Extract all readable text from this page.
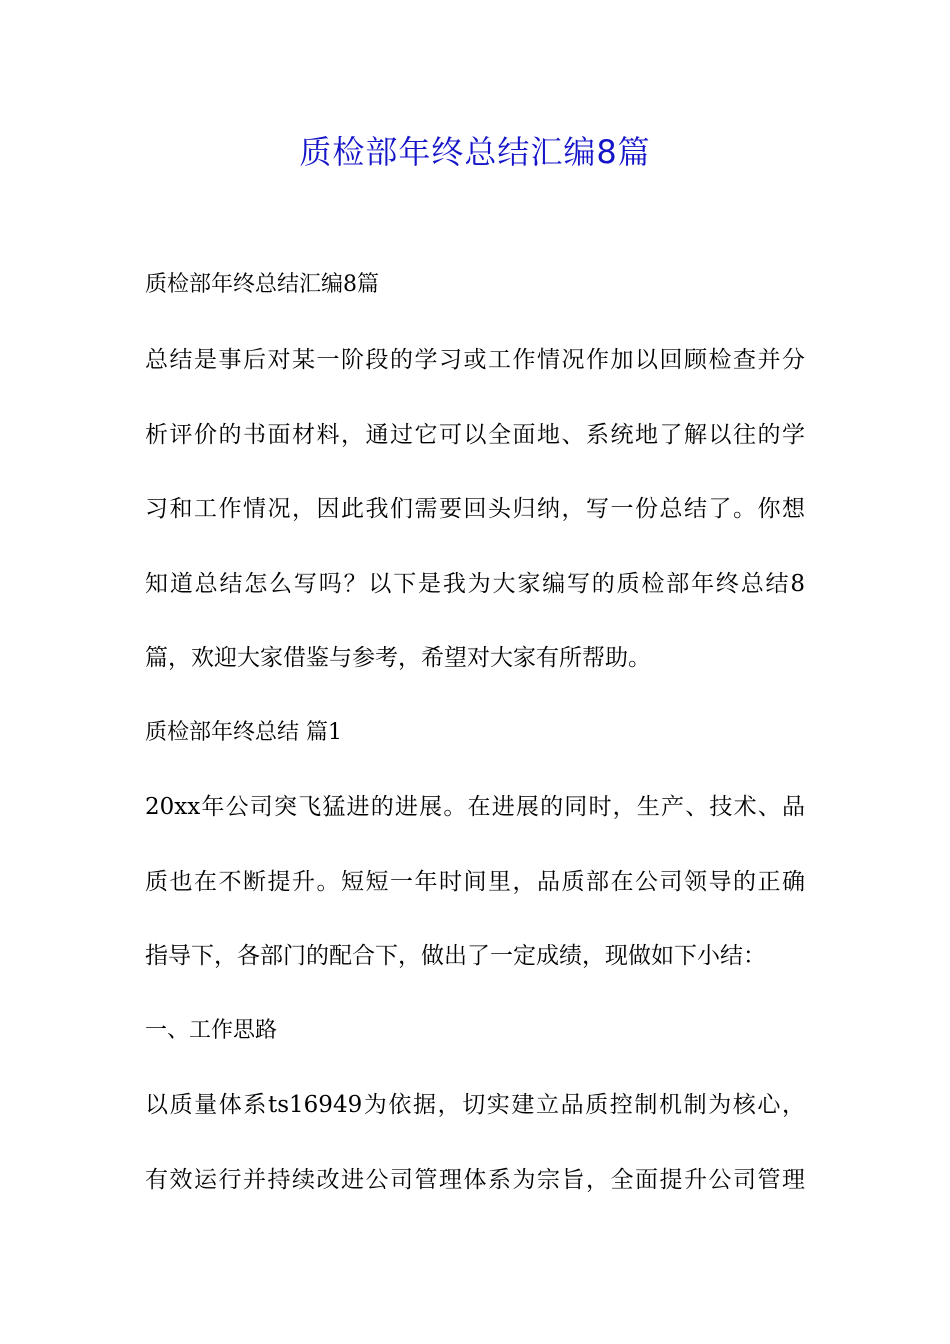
质检部年终总结汇编8篇

质检部年终总结汇编8篇

总结是事后对某一阶段的学习或工作情况作加以回顾检查并分

析评价的书面材料，通过它可以全面地、系统地了解以往的学

习和工作情况，因此我们需要回头归纳，写一份总结了。你想

知道总结怎么写吗？以下是我为大家编写的质检部年终总结8

篇，欢迎大家借鉴与参考，希望对大家有所帮助。

质检部年终总结 篇1

20xx年公司突飞猛进的进展。在进展的同时，生产、技术、品

质也在不断提升。短短一年时间里，品质部在公司领导的正确

指导下，各部门的配合下，做出了一定成绩，现做如下小结：

一、工作思路

以质量体系ts16949为依据，切实建立品质控制机制为核心，

有效运行并持续改进公司管理体系为宗旨，全面提升公司管理
